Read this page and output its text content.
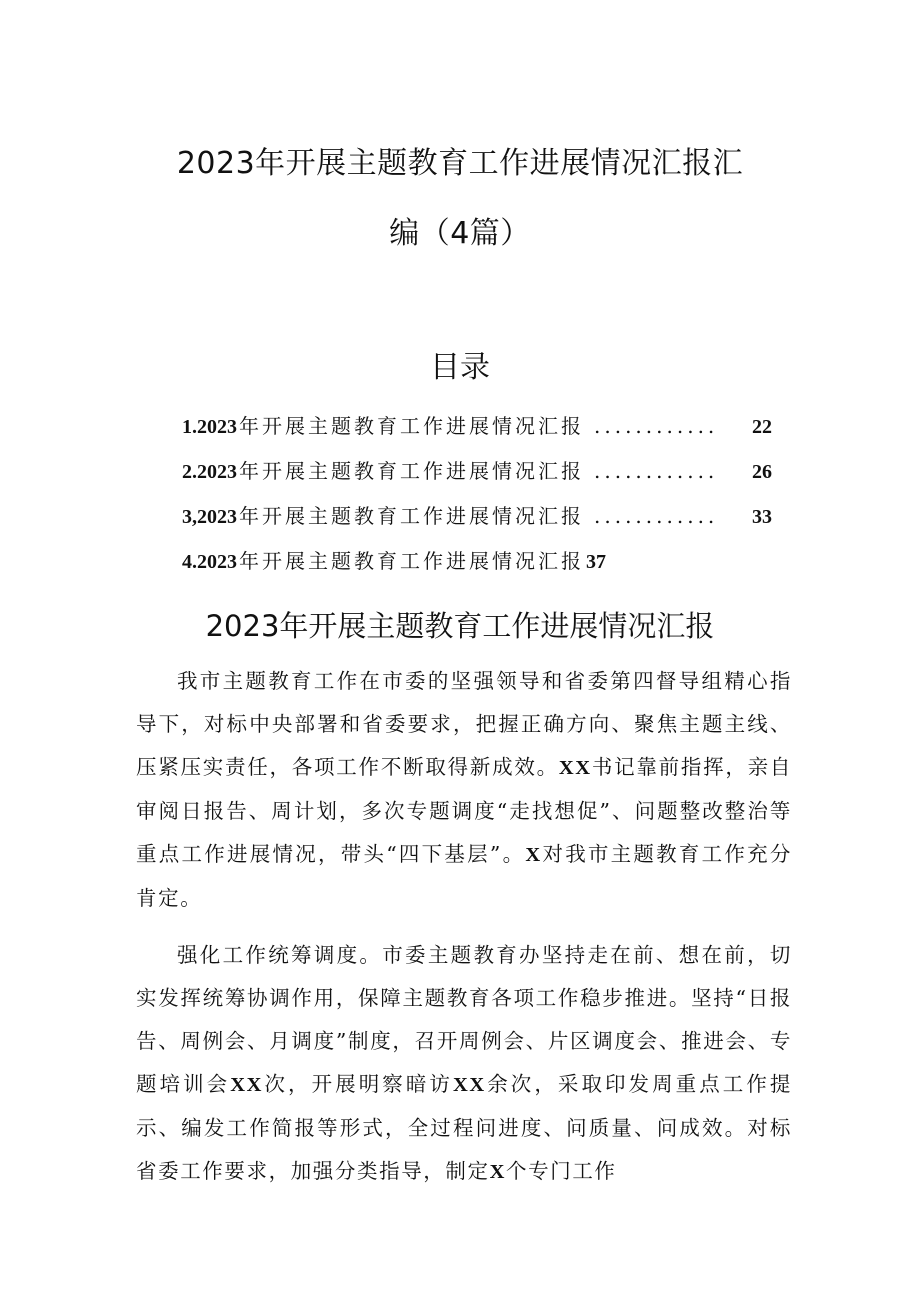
2023年开展主题教育工作进展情况汇报汇
编（4篇）
目录
1.2023 年开展主题教育工作进展情况汇报 ............	22
2.2023 年开展主题教育工作进展情况汇报 ............	26
3,2023 年开展主题教育工作进展情况汇报 ............	33
4.2023 年开展主题教育工作进展情况汇报 37
2023年开展主题教育工作进展情况汇报

我市主题教育工作在市委的坚强领导和省委第四督导组精心指导下，对标中央部署和省委要求，把握正确方向、聚焦主题主线、压紧压实责任，各项工作不断取得新成效。XX书记靠前指挥，亲自审阅日报告、周计划，多次专题调度“走找想促”、问题整改整治等重点工作进展情况，带头“四下基层”。X对我市主题教育工作充分肯定。

强化工作统筹调度。市委主题教育办坚持走在前、想在前，切实发挥统筹协调作用，保障主题教育各项工作稳步推进。坚持“日报告、周例会、月调度”制度，召开周例会、片区调度会、推进会、专题培训会XX次，开展明察暗访XX余次，采取印发周重点工作提示、编发工作简报等形式，全过程问进度、问质量、问成效。对标省委工作要求，加强分类指导，制定X个专门工作
